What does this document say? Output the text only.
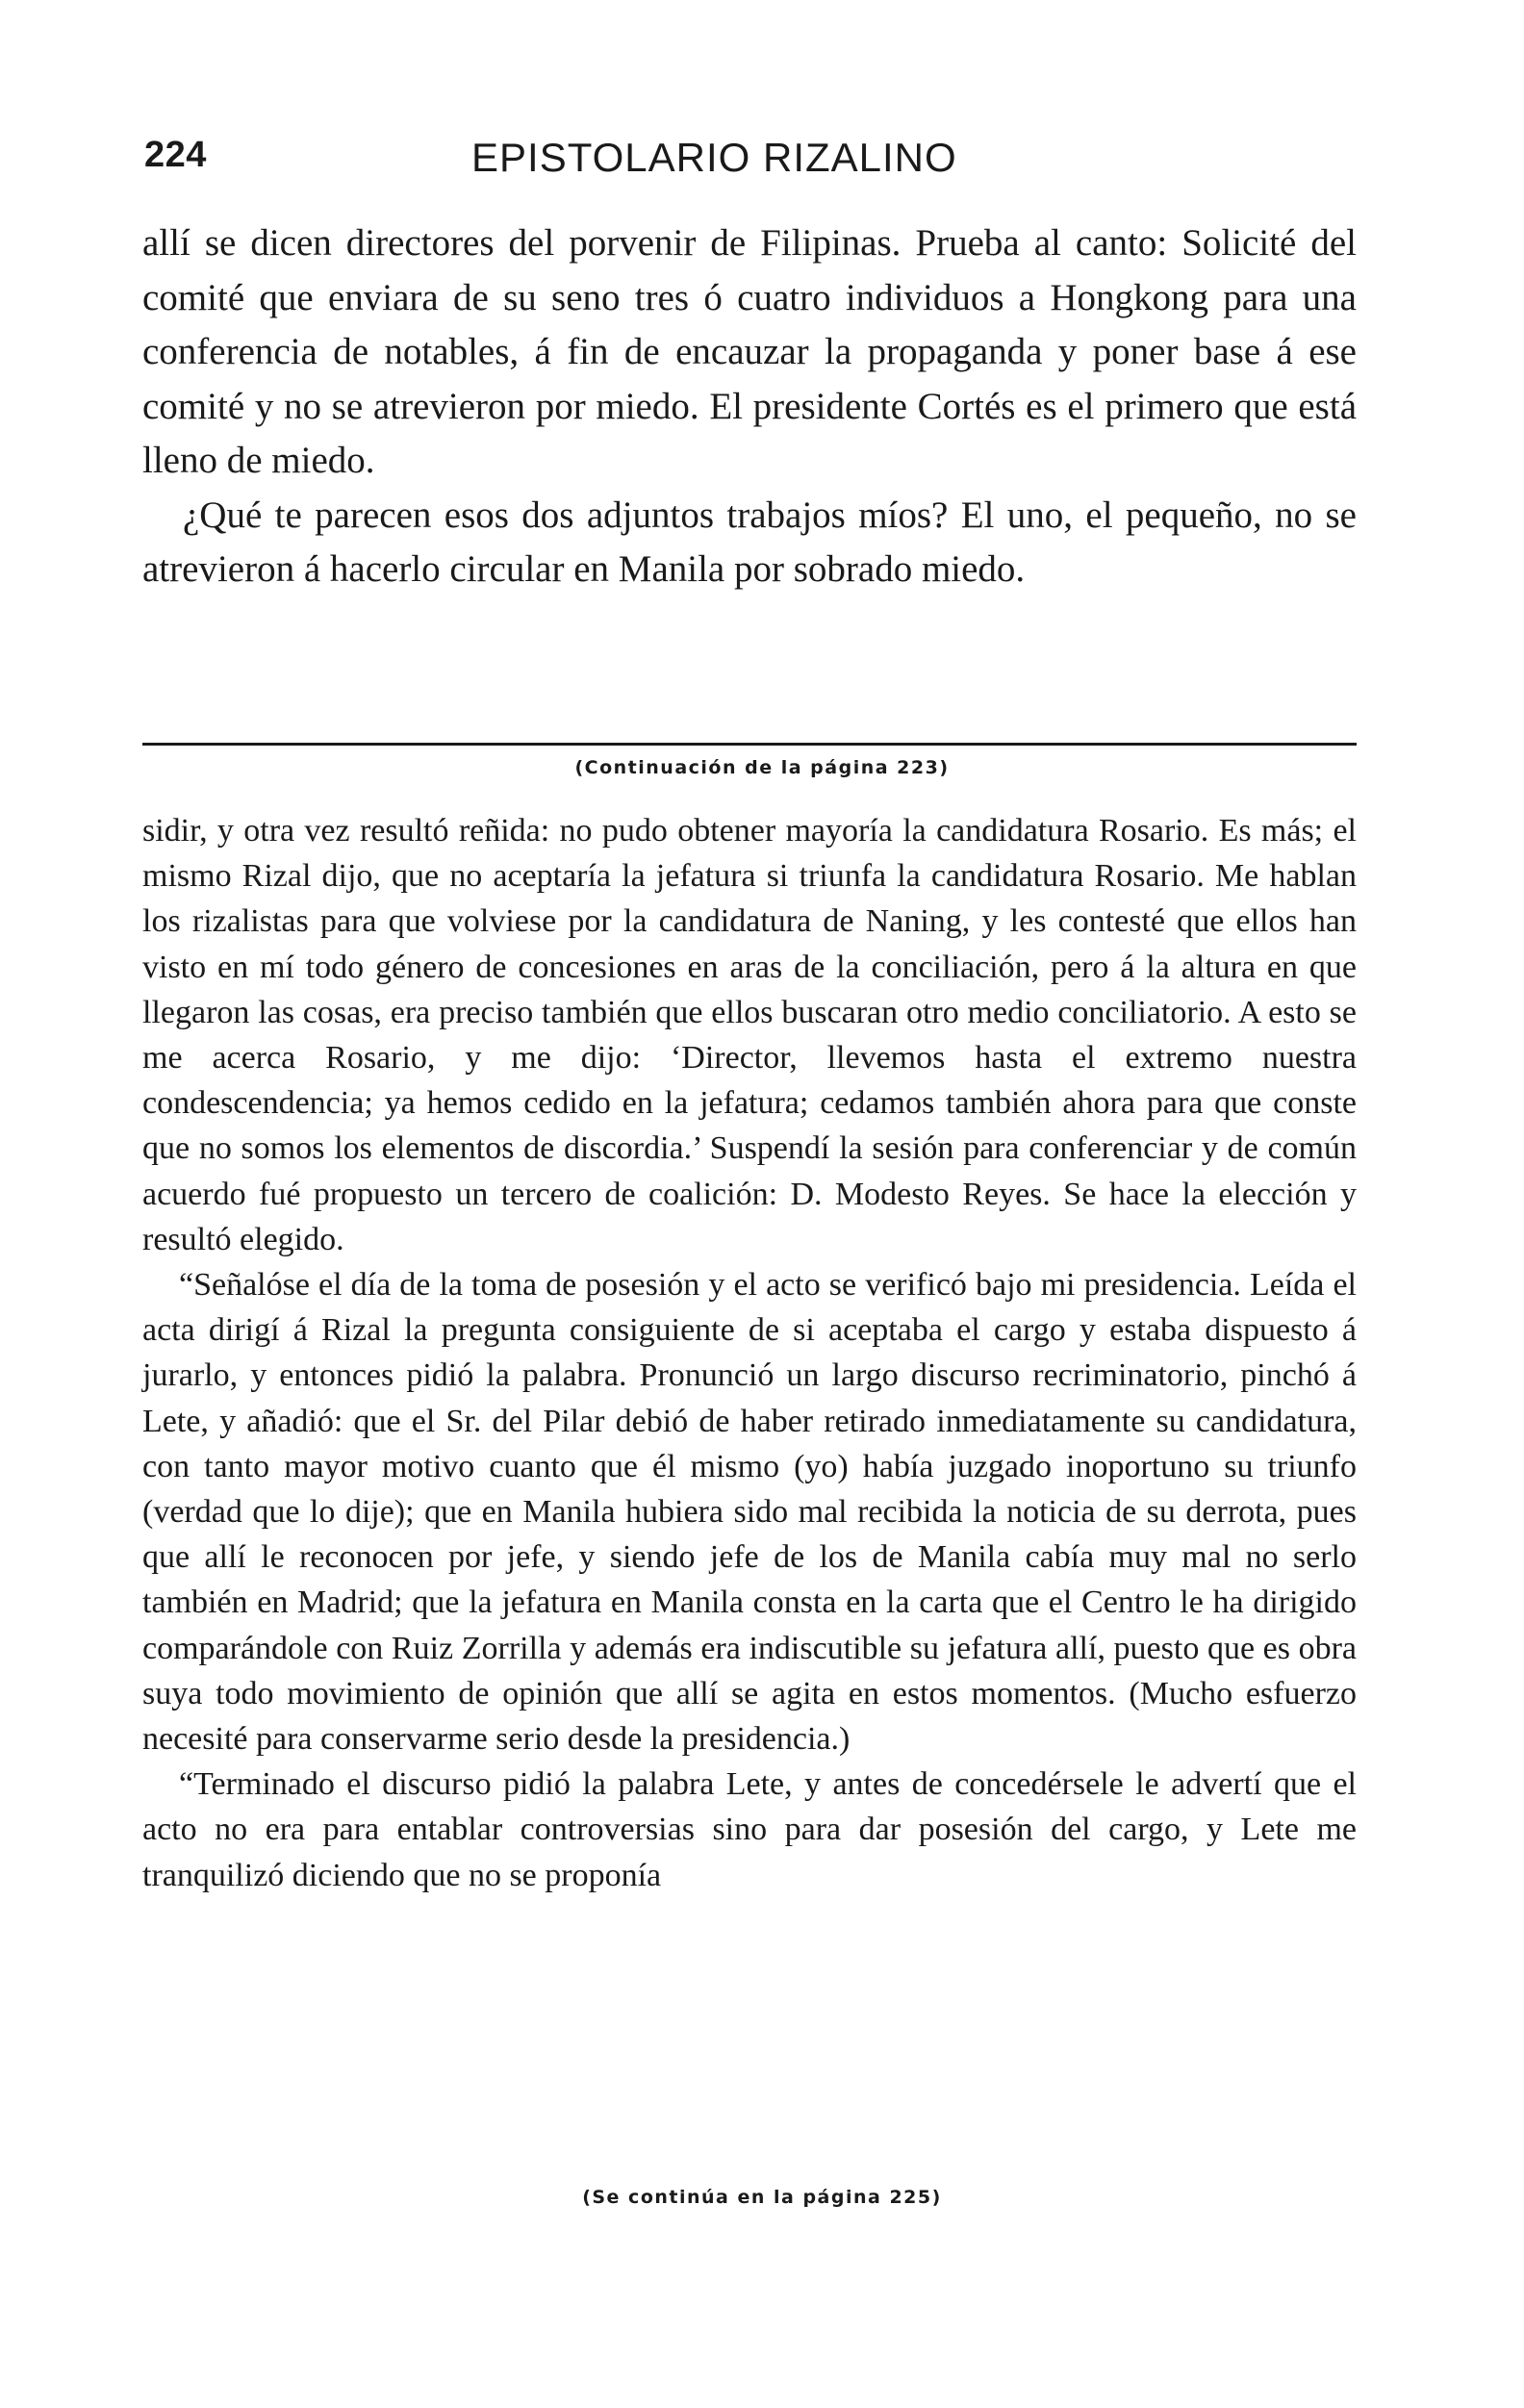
224	EPISTOLARIO RIZALINO

allí se dicen directores del porvenir de Filipinas. Prueba al canto: Solicité del comité que enviara de su seno tres ó cuatro individuos a Hongkong para una conferencia de notables, á fin de encauzar la propaganda y poner base á ese comité y no se atrevieron por miedo. El presidente Cortés es el primero que está lleno de miedo.

¿Qué te parecen esos dos adjuntos trabajos míos? El uno, el pequeño, no se atrevieron á hacerlo circular en Manila por sobrado miedo.

(Continuación de la página 223)

sidir, y otra vez resultó reñida: no pudo obtener mayoría la candidatura Rosario. Es más; el mismo Rizal dijo, que no aceptaría la jefatura si triunfa la candidatura Rosario. Me hablan los rizalistas para que volviese por la candidatura de Naning, y les contesté que ellos han visto en mí todo género de concesiones en aras de la conciliación, pero á la altura en que llegaron las cosas, era preciso también que ellos buscaran otro medio conciliatorio. A esto se me acerca Rosario, y me dijo: ‘Director, llevemos hasta el extremo nuestra condescendencia; ya hemos cedido en la jefatura; cedamos también ahora para que conste que no somos los elementos de discordia.’ Suspendí la sesión para conferenciar y de común acuerdo fué propuesto un tercero de coalición: D. Modesto Reyes. Se hace la elección y resultó elegido.

“Señalóse el día de la toma de posesión y el acto se verificó bajo mi presidencia. Leída el acta dirigí á Rizal la pregunta consiguiente de si aceptaba el cargo y estaba dispuesto á jurarlo, y entonces pidió la palabra. Pronunció un largo discurso recriminatorio, pinchó á Lete, y añadió: que el Sr. del Pilar debió de haber retirado inmediatamente su candidatura, con tanto mayor motivo cuanto que él mismo (yo) había juzgado inoportuno su triunfo (verdad que lo dije); que en Manila hubiera sido mal recibida la noticia de su derrota, pues que allí le reconocen por jefe, y siendo jefe de los de Manila cabía muy mal no serlo también en Madrid; que la jefatura en Manila consta en la carta que el Centro le ha dirigido comparándole con Ruiz Zorrilla y además era indiscutible su jefatura allí, puesto que es obra suya todo movimiento de opinión que allí se agita en estos momentos. (Mucho esfuerzo necesité para conservarme serio desde la presidencia.)

“Terminado el discurso pidió la palabra Lete, y antes de concedérsele le advertí que el acto no era para entablar controversias sino para dar posesión del cargo, y Lete me tranquilizó diciendo que no se proponía

(Se continúa en la página 225)
